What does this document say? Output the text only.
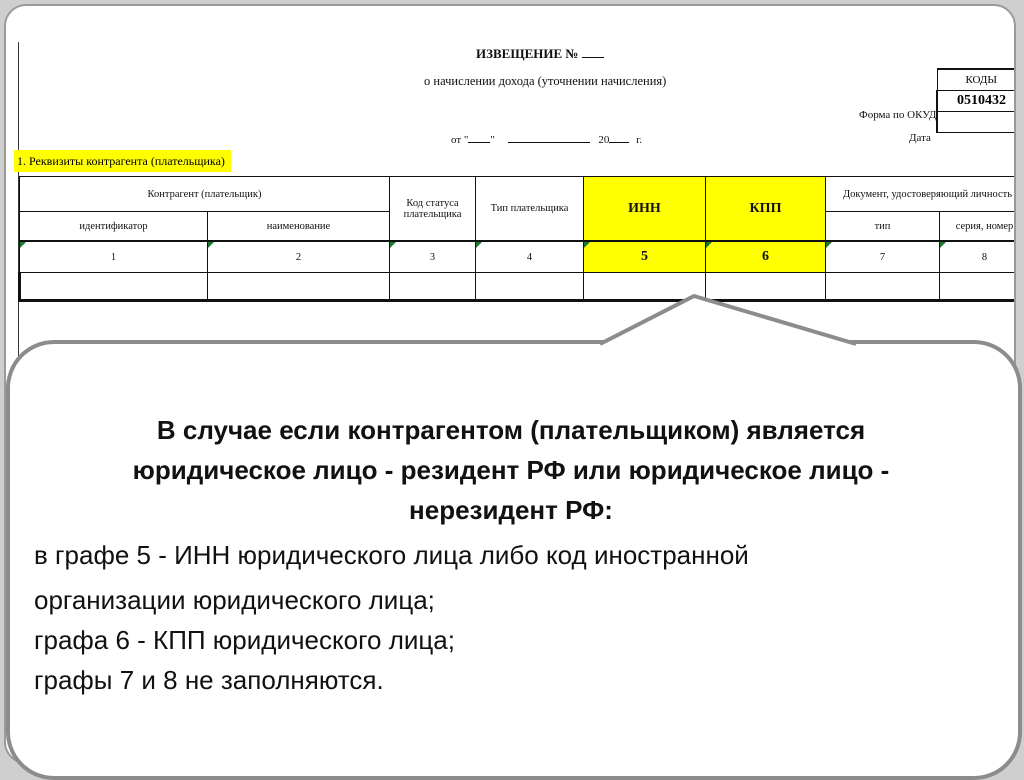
ИЗВЕЩЕНИЕ №
о начислении дохода (уточнении начисления)
от " "	20 г.
Форма по ОКУД
Дата
КОДЫ
0510432

1. Реквизиты контрагента (плательщика)
Контрагент (плательщик)		Код статуса плательщика	Тип плательщика	ИНН	КПП	Документ, удостоверяющий личность	
идентификатор	наименование					тип	серия, номер

1	2	3	4	5	6	7	8

В случае если контрагентом (плательщиком) является
юридическое лицо - резидент РФ или юридическое лицо -
нерезидент РФ:
в графе 5 - ИНН юридического лица либо код иностранной
организации юридического лица;
графа 6 - КПП юридического лица;
графы 7 и 8 не заполняются.
